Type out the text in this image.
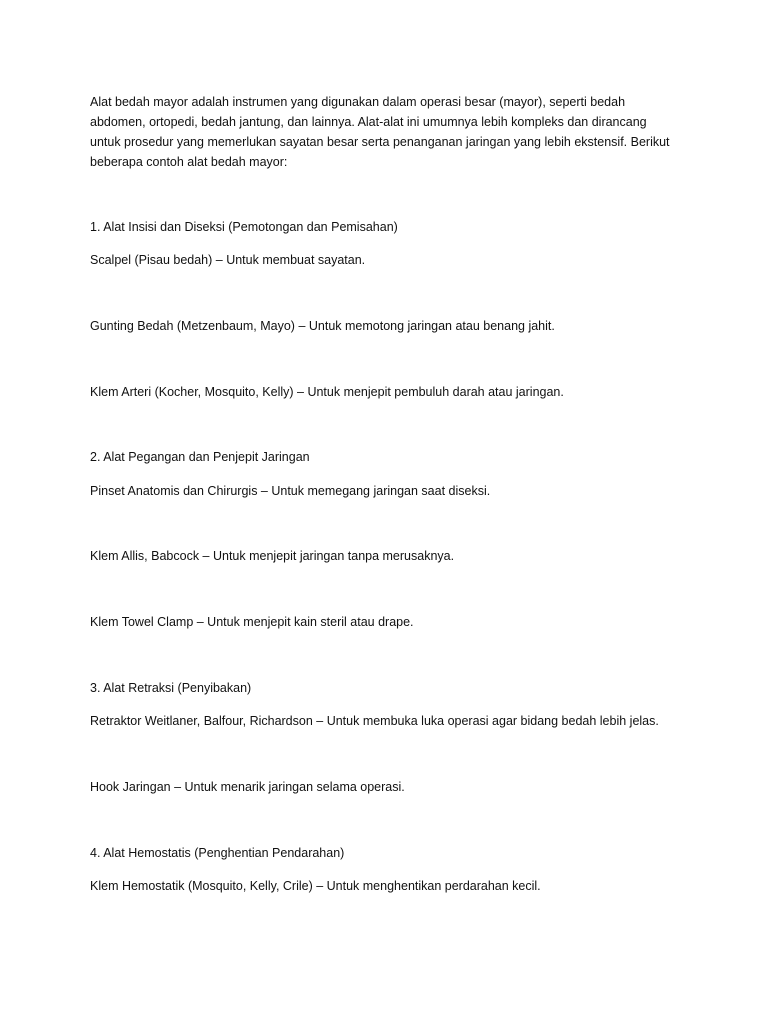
Alat bedah mayor adalah instrumen yang digunakan dalam operasi besar (mayor), seperti bedah
abdomen, ortopedi, bedah jantung, dan lainnya. Alat-alat ini umumnya lebih kompleks dan dirancang
untuk prosedur yang memerlukan sayatan besar serta penanganan jaringan yang lebih ekstensif. Berikut
beberapa contoh alat bedah mayor:
1. Alat Insisi dan Diseksi (Pemotongan dan Pemisahan)
Scalpel (Pisau bedah) – Untuk membuat sayatan.
Gunting Bedah (Metzenbaum, Mayo) – Untuk memotong jaringan atau benang jahit.
Klem Arteri (Kocher, Mosquito, Kelly) – Untuk menjepit pembuluh darah atau jaringan.
2. Alat Pegangan dan Penjepit Jaringan
Pinset Anatomis dan Chirurgis – Untuk memegang jaringan saat diseksi.
Klem Allis, Babcock – Untuk menjepit jaringan tanpa merusaknya.
Klem Towel Clamp – Untuk menjepit kain steril atau drape.
3. Alat Retraksi (Penyibakan)
Retraktor Weitlaner, Balfour, Richardson – Untuk membuka luka operasi agar bidang bedah lebih jelas.
Hook Jaringan – Untuk menarik jaringan selama operasi.
4. Alat Hemostatis (Penghentian Pendarahan)
Klem Hemostatik (Mosquito, Kelly, Crile) – Untuk menghentikan perdarahan kecil.
